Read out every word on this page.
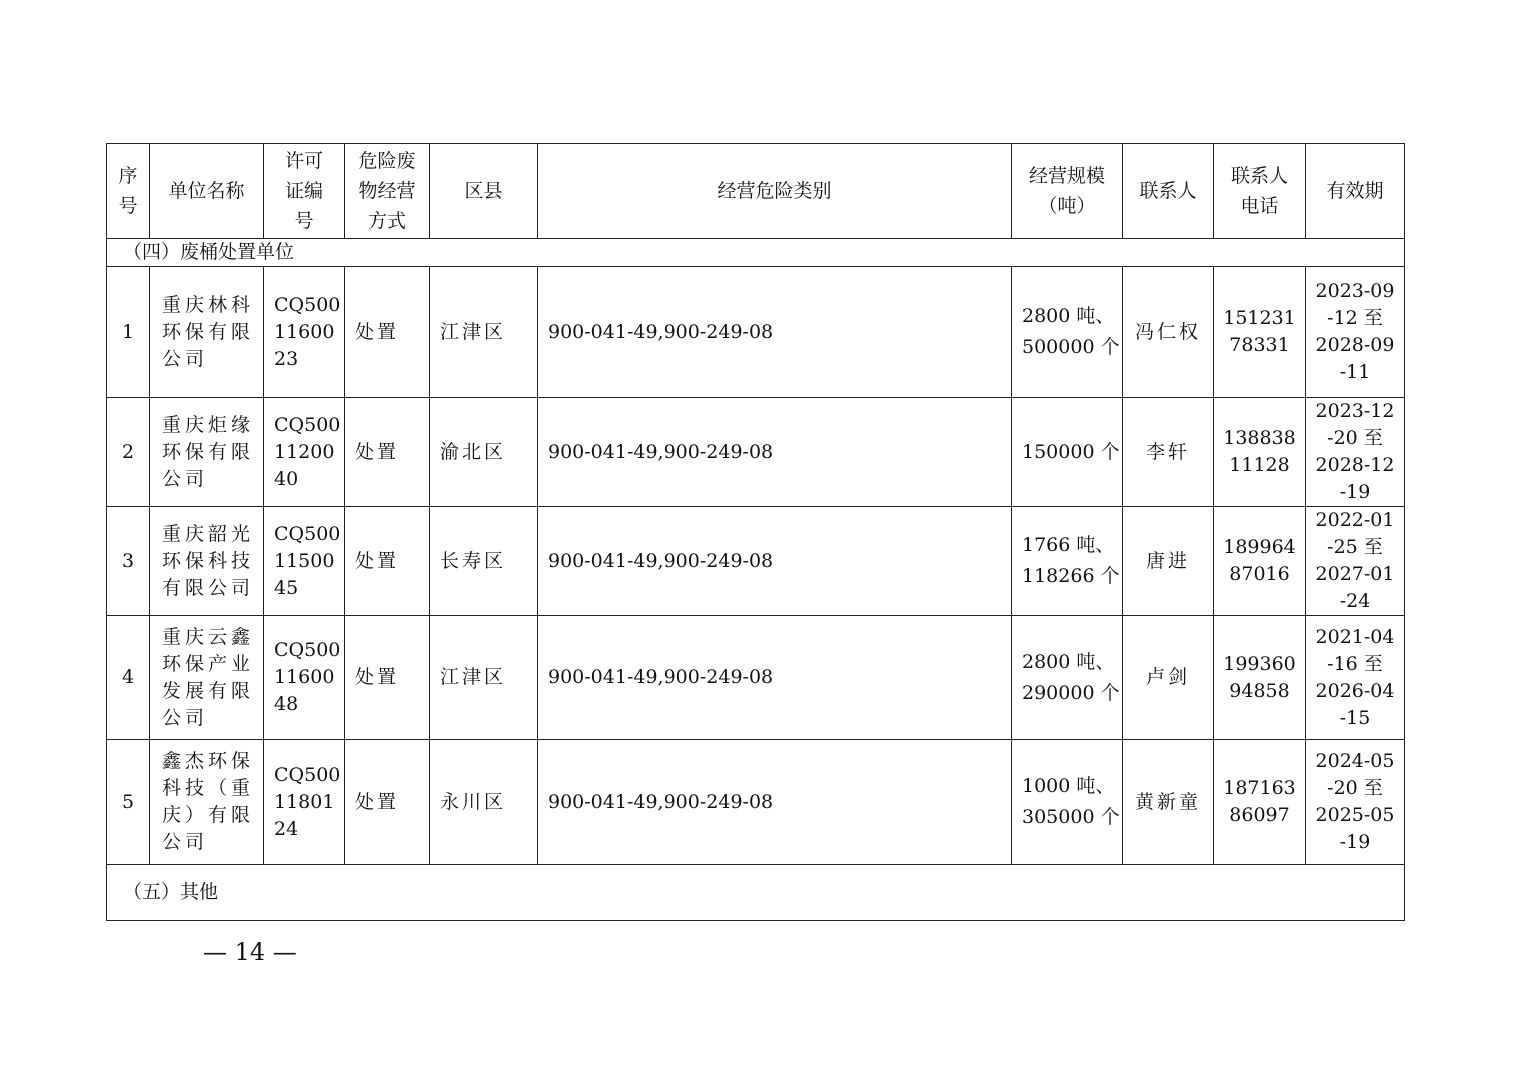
序
号	单位名称	许可
证编
号	危险废
物经营
方式	区县	经营危险类别	经营规模
（吨）	联系人	联系人
电话	有效期
（四）废桶处置单位									
1	重庆林科
环保有限
公司	CQ500
11600
23	处置	江津区	900-041-49,900-249-08	2800 吨、
500000 个	冯仁权	151231
78331	2023-09
-12 至
2028-09
-11
2	重庆炬缘
环保有限
公司	CQ500
11200
40	处置	渝北区	900-041-49,900-249-08	150000 个	李轩	138838
11128	2023-12
-20 至
2028-12
-19
3	重庆韶光
环保科技
有限公司	CQ500
11500
45	处置	长寿区	900-041-49,900-249-08	1766 吨、
118266 个	唐进	189964
87016	2022-01
-25 至
2027-01
-24
4	重庆云鑫
环保产业
发展有限
公司	CQ500
11600
48	处置	江津区	900-041-49,900-249-08	2800 吨、
290000 个	卢剑	199360
94858	2021-04
-16 至
2026-04
-15
5	鑫杰环保
科技（重
庆）有限
公司	CQ500
11801
24	处置	永川区	900-041-49,900-249-08	1000 吨、
305000 个	黄新童	187163
86097	2024-05
-20 至
2025-05
-19
（五）其他									
— 14 —
